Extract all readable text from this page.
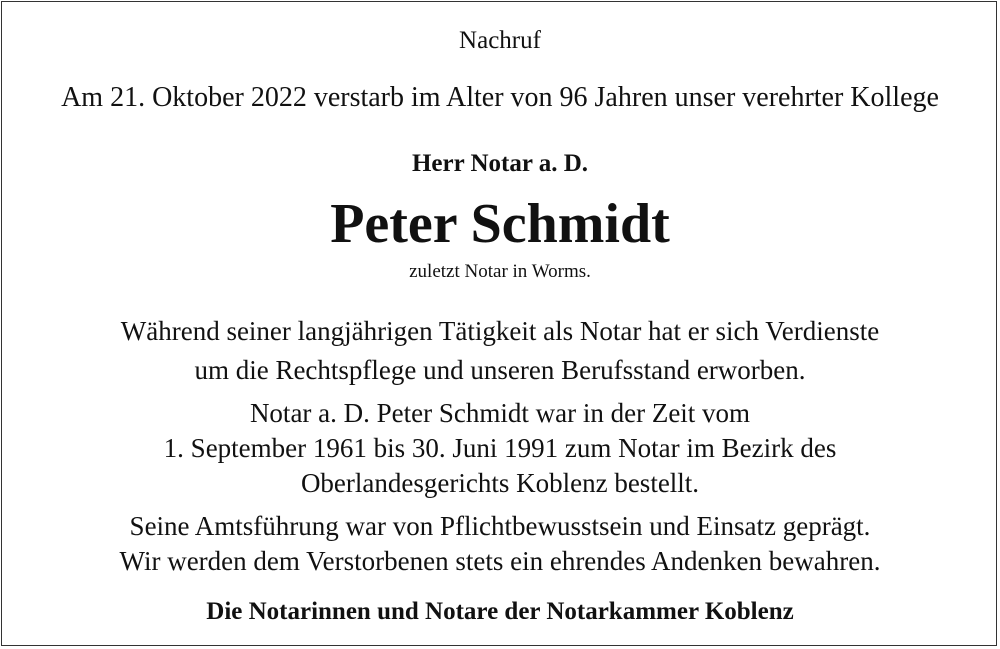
Nachruf
Am 21. Oktober 2022 verstarb im Alter von 96 Jahren unser verehrter Kollege
Herr Notar a. D.
Peter Schmidt
zuletzt Notar in Worms.
Während seiner langjährigen Tätigkeit als Notar hat er sich Verdienste
um die Rechtspflege und unseren Berufsstand erworben.
Notar a. D. Peter Schmidt war in der Zeit vom
1. September 1961 bis 30. Juni 1991 zum Notar im Bezirk des
Oberlandesgerichts Koblenz bestellt.
Seine Amtsführung war von Pflichtbewusstsein und Einsatz geprägt.
Wir werden dem Verstorbenen stets ein ehrendes Andenken bewahren.
Die Notarinnen und Notare der Notarkammer Koblenz
